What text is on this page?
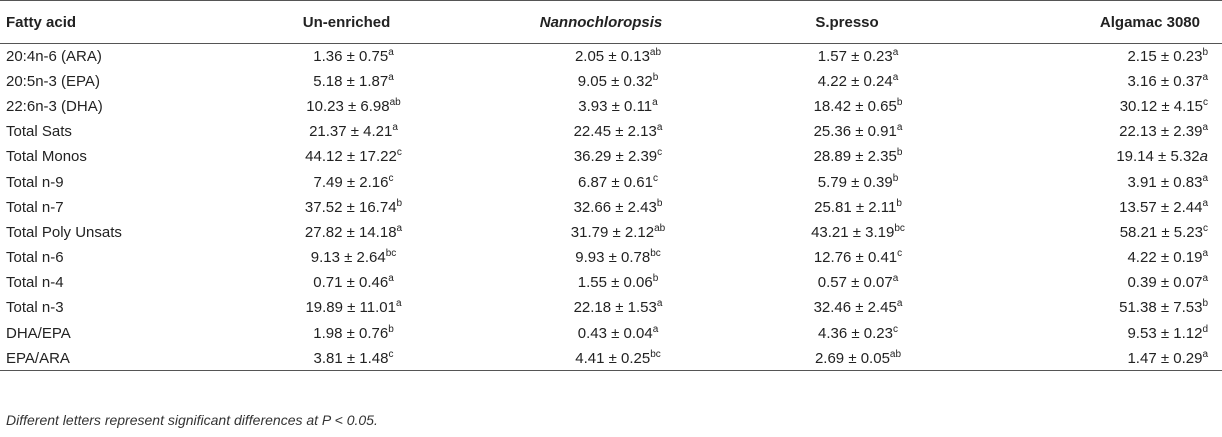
Fatty acid	Un-enriched	Nannochloropsis	S.presso	Algamac 3080
20:4n-6 (ARA)	1.36 ± 0.75$^a$	2.05 ± 0.13$^{ab}$	1.57 ± 0.23$^a$	2.15 ± 0.23$^b$
20:5n-3 (EPA)	5.18 ± 1.87$^a$	9.05 ± 0.32$^b$	4.22 ± 0.24$^a$	3.16 ± 0.37$^a$
22:6n-3 (DHA)	10.23 ± 6.98$^{ab}$	3.93 ± 0.11$^a$	18.42 ± 0.65$^b$	30.12 ± 4.15$^c$
Total Sats	21.37 ± 4.21$^a$	22.45 ± 2.13$^a$	25.36 ± 0.91$^a$	22.13 ± 2.39$^a$
Total Monos	44.12 ± 17.22$^c$	36.29 ± 2.39$^c$	28.89 ± 2.35$^b$	19.14 ± 5.32a
Total n-9	7.49 ± 2.16$^c$	6.87 ± 0.61$^c$	5.79 ± 0.39$^b$	3.91 ± 0.83$^a$
Total n-7	37.52 ± 16.74$^b$	32.66 ± 2.43$^b$	25.81 ± 2.11$^b$	13.57 ± 2.44$^a$
Total Poly Unsats	27.82 ± 14.18$^a$	31.79 ± 2.12$^{ab}$	43.21 ± 3.19$^{bc}$	58.21 ± 5.23$^c$
Total n-6	9.13 ± 2.64$^{bc}$	9.93 ± 0.78$^{bc}$	12.76 ± 0.41$^c$	4.22 ± 0.19$^a$
Total n-4	0.71 ± 0.46$^a$	1.55 ± 0.06$^b$	0.57 ± 0.07$^a$	0.39 ± 0.07$^a$
Total n-3	19.89 ± 11.01$^a$	22.18 ± 1.53$^a$	32.46 ± 2.45$^a$	51.38 ± 7.53$^b$
DHA/EPA	1.98 ± 0.76$^b$	0.43 ± 0.04$^a$	4.36 ± 0.23$^c$	9.53 ± 1.12$^d$
EPA/ARA	3.81 ± 1.48$^c$	4.41 ± 0.25$^{bc}$	2.69 ± 0.05$^{ab}$	1.47 ± 0.29$^a$
Different letters represent significant differences at P < 0.05.
